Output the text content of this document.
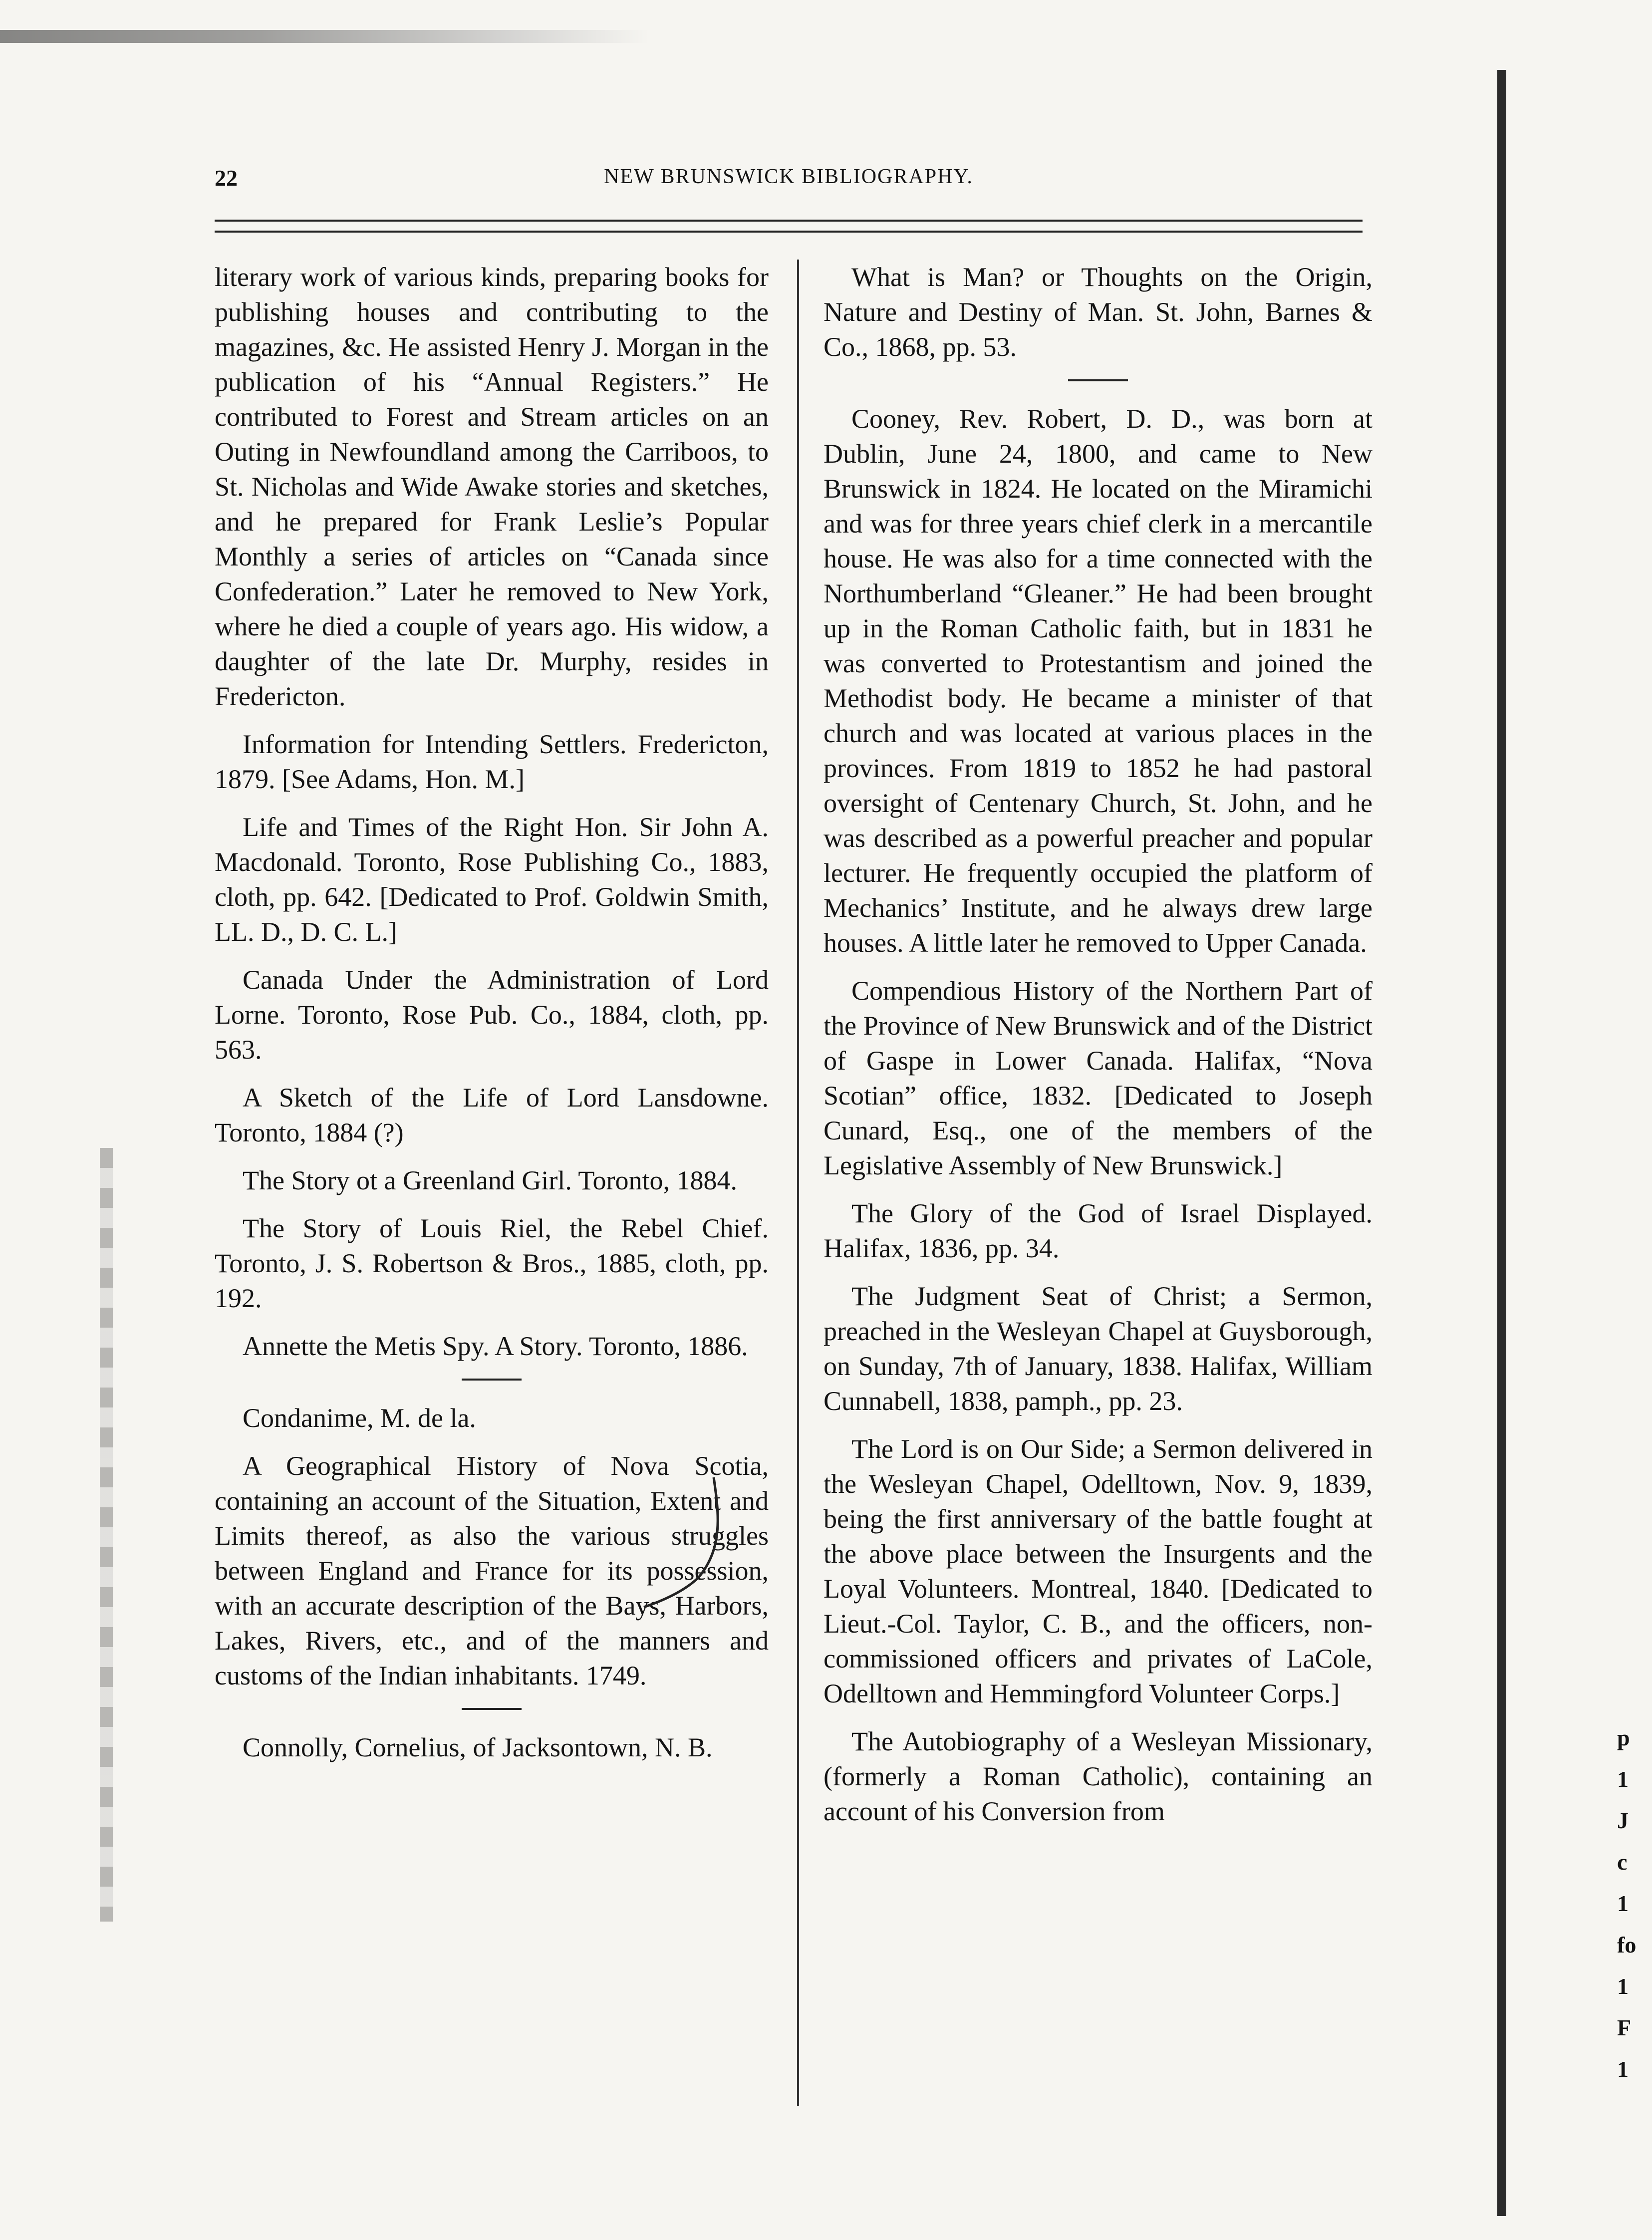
p
1
J
c
1
fo
1
F
1
22	NEW BRUNSWICK BIBLIOGRAPHY.

literary work of various kinds, preparing books for publishing houses and contributing to the magazines, &c. He assisted Henry J. Morgan in the publication of his “Annual Registers.” He contributed to Forest and Stream articles on an Outing in Newfoundland among the Carriboos, to St. Nicholas and Wide Awake stories and sketches, and he prepared for Frank Leslie’s Popular Monthly a series of articles on “Canada since Confederation.” Later he removed to New York, where he died a couple of years ago. His widow, a daughter of the late Dr. Murphy, resides in Fredericton.

Information for Intending Settlers. Fredericton, 1879. [See Adams, Hon. M.]

Life and Times of the Right Hon. Sir John A. Macdonald. Toronto, Rose Publishing Co., 1883, cloth, pp. 642. [Dedicated to Prof. Goldwin Smith, LL. D., D. C. L.]

Canada Under the Administration of Lord Lorne. Toronto, Rose Pub. Co., 1884, cloth, pp. 563.

A Sketch of the Life of Lord Lansdowne. Toronto, 1884 (?)

The Story ot a Greenland Girl. Toronto, 1884.

The Story of Louis Riel, the Rebel Chief. Toronto, J. S. Robertson & Bros., 1885, cloth, pp. 192.

Annette the Metis Spy. A Story. Toronto, 1886.

Condanime, M. de la.

A Geographical History of Nova Scotia, containing an account of the Situation, Extent and Limits thereof, as also the various struggles between England and France for its possession, with an accurate description of the Bays, Harbors, Lakes, Rivers, etc., and of the manners and customs of the Indian inhabitants. 1749.

Connolly, Cornelius, of Jacksontown, N. B.

What is Man? or Thoughts on the Origin, Nature and Destiny of Man. St. John, Barnes & Co., 1868, pp. 53.

Cooney, Rev. Robert, D. D., was born at Dublin, June 24, 1800, and came to New Brunswick in 1824. He located on the Miramichi and was for three years chief clerk in a mercantile house. He was also for a time connected with the Northumberland “Gleaner.” He had been brought up in the Roman Catholic faith, but in 1831 he was converted to Protestantism and joined the Methodist body. He became a minister of that church and was located at various places in the provinces. From 1819 to 1852 he had pastoral oversight of Centenary Church, St. John, and he was described as a powerful preacher and popular lecturer. He frequently occupied the platform of Mechanics’ Institute, and he always drew large houses. A little later he removed to Upper Canada.

Compendious History of the Northern Part of the Province of New Brunswick and of the District of Gaspe in Lower Canada. Halifax, “Nova Scotian” office, 1832. [Dedicated to Joseph Cunard, Esq., one of the members of the Legislative Assembly of New Brunswick.]

The Glory of the God of Israel Displayed. Halifax, 1836, pp. 34.

The Judgment Seat of Christ; a Sermon, preached in the Wesleyan Chapel at Guysborough, on Sunday, 7th of January, 1838. Halifax, William Cunnabell, 1838, pamph., pp. 23.

The Lord is on Our Side; a Sermon delivered in the Wesleyan Chapel, Odelltown, Nov. 9, 1839, being the first anniversary of the battle fought at the above place between the Insurgents and the Loyal Volunteers. Montreal, 1840. [Dedicated to Lieut.-Col. Taylor, C. B., and the officers, non-commissioned officers and privates of LaCole, Odelltown and Hemmingford Volunteer Corps.]

The Autobiography of a Wesleyan Missionary, (formerly a Roman Catholic), containing an account of his Conversion from
